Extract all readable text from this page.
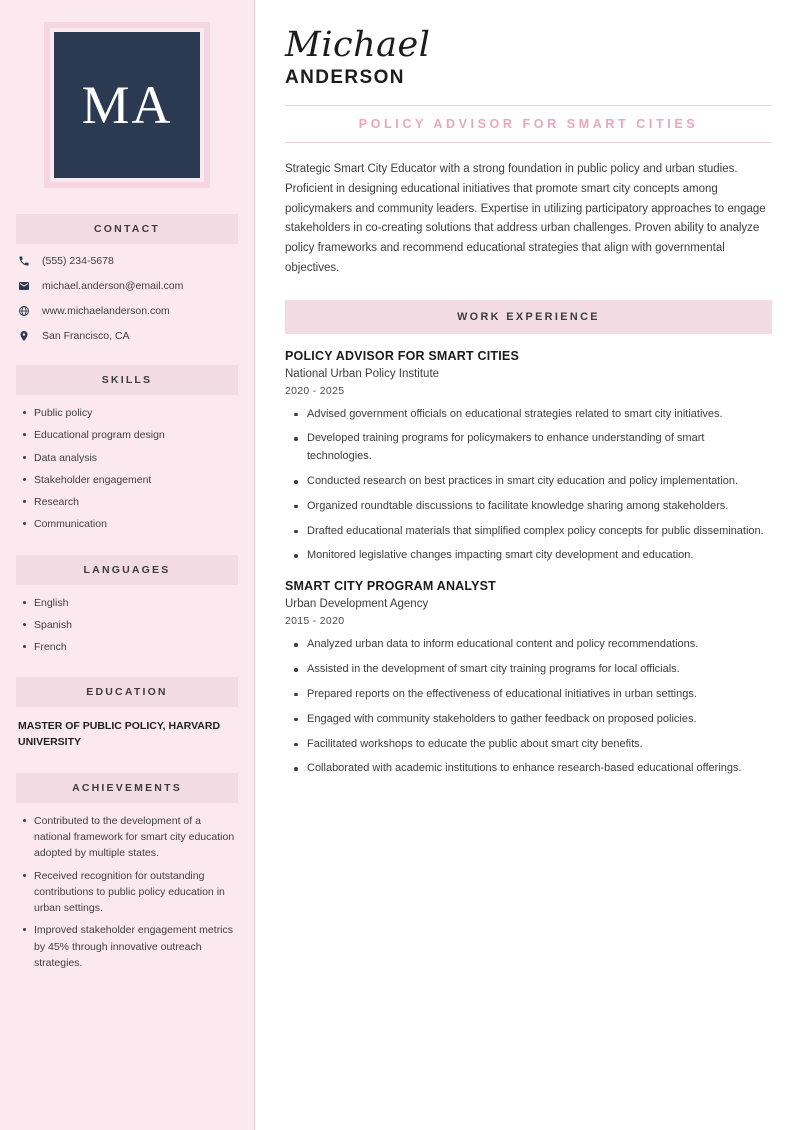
MA
CONTACT
(555) 234-5678
michael.anderson@email.com
www.michaelanderson.com
San Francisco, CA
SKILLS
Public policy
Educational program design
Data analysis
Stakeholder engagement
Research
Communication
LANGUAGES
English
Spanish
French
EDUCATION
MASTER OF PUBLIC POLICY, HARVARD UNIVERSITY
ACHIEVEMENTS
Contributed to the development of a national framework for smart city education adopted by multiple states.
Received recognition for outstanding contributions to public policy education in urban settings.
Improved stakeholder engagement metrics by 45% through innovative outreach strategies.
Michael
ANDERSON
POLICY ADVISOR FOR SMART CITIES

Strategic Smart City Educator with a strong foundation in public policy and urban studies. Proficient in designing educational initiatives that promote smart city concepts among policymakers and community leaders. Expertise in utilizing participatory approaches to engage stakeholders in co-creating solutions that address urban challenges. Proven ability to analyze policy frameworks and recommend educational strategies that align with governmental objectives.

WORK EXPERIENCE
POLICY ADVISOR FOR SMART CITIES
National Urban Policy Institute
2020 - 2025
Advised government officials on educational strategies related to smart city initiatives.
Developed training programs for policymakers to enhance understanding of smart technologies.
Conducted research on best practices in smart city education and policy implementation.
Organized roundtable discussions to facilitate knowledge sharing among stakeholders.
Drafted educational materials that simplified complex policy concepts for public dissemination.
Monitored legislative changes impacting smart city development and education.
SMART CITY PROGRAM ANALYST
Urban Development Agency
2015 - 2020
Analyzed urban data to inform educational content and policy recommendations.
Assisted in the development of smart city training programs for local officials.
Prepared reports on the effectiveness of educational initiatives in urban settings.
Engaged with community stakeholders to gather feedback on proposed policies.
Facilitated workshops to educate the public about smart city benefits.
Collaborated with academic institutions to enhance research-based educational offerings.
